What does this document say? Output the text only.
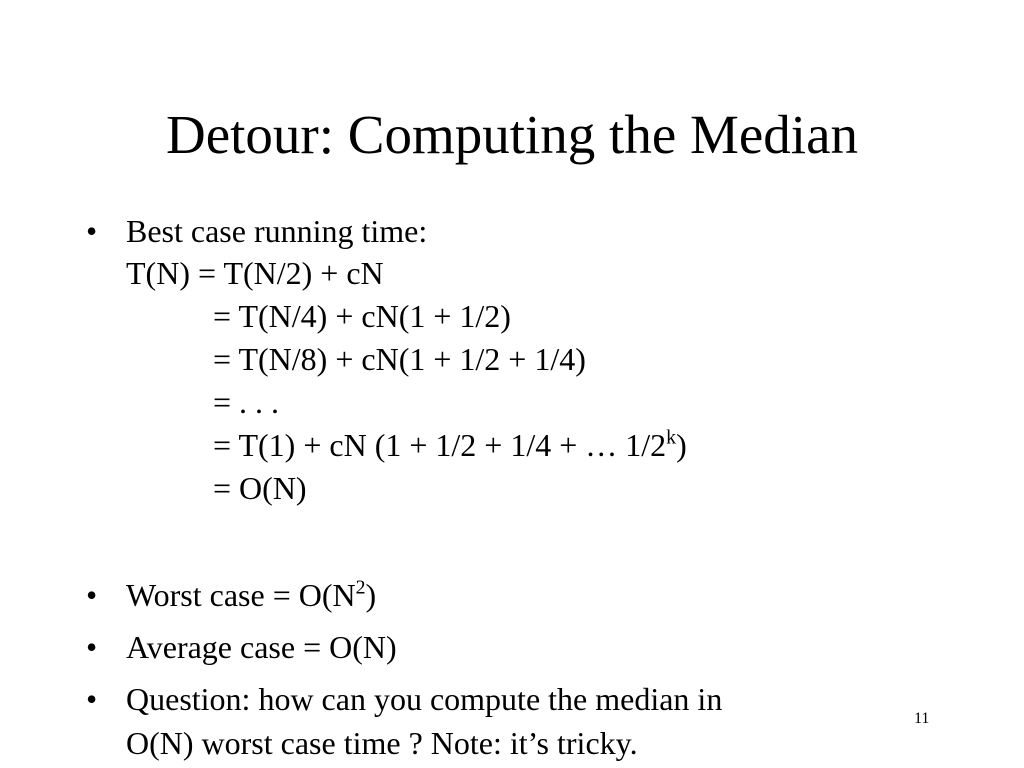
Detour: Computing the Median
• Best case running time:
T(N) = T(N/2) + cN
= T(N/4) + cN(1 + 1/2)
= T(N/8) + cN(1 + 1/2 + 1/4)
= . . .
= T(1) + cN (1 + 1/2 + 1/4 + … $1/2^k$)
= O(N)
• Worst case = $O(N^2)$
• Average case = O(N)
• Question: how can you compute the median in
O(N) worst case time ? Note: it’s tricky.
11
